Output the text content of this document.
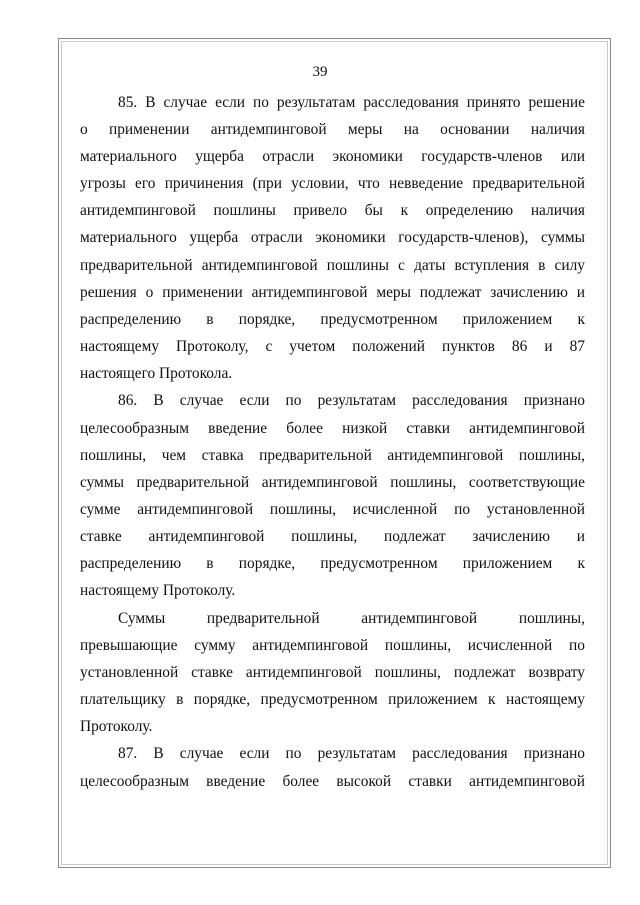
39
85. В случае если по результатам расследования принято решение
о применении антидемпинговой меры на основании наличия
материального ущерба отрасли экономики государств-членов или
угрозы его причинения (при условии, что невведение предварительной
антидемпинговой пошлины привело бы к определению наличия
материального ущерба отрасли экономики государств-членов), суммы
предварительной антидемпинговой пошлины с даты вступления в силу
решения о применении антидемпинговой меры подлежат зачислению и
распределению в порядке, предусмотренном приложением к
настоящему Протоколу, с учетом положений пунктов 86 и 87
настоящего Протокола.
86. В случае если по результатам расследования признано
целесообразным введение более низкой ставки антидемпинговой
пошлины, чем ставка предварительной антидемпинговой пошлины,
суммы предварительной антидемпинговой пошлины, соответствующие
сумме антидемпинговой пошлины, исчисленной по установленной
ставке антидемпинговой пошлины, подлежат зачислению и
распределению в порядке, предусмотренном приложением к
настоящему Протоколу.
Суммы предварительной антидемпинговой пошлины,
превышающие сумму антидемпинговой пошлины, исчисленной по
установленной ставке антидемпинговой пошлины, подлежат возврату
плательщику в порядке, предусмотренном приложением к настоящему
Протоколу.
87. В случае если по результатам расследования признано
целесообразным введение более высокой ставки антидемпинговой
